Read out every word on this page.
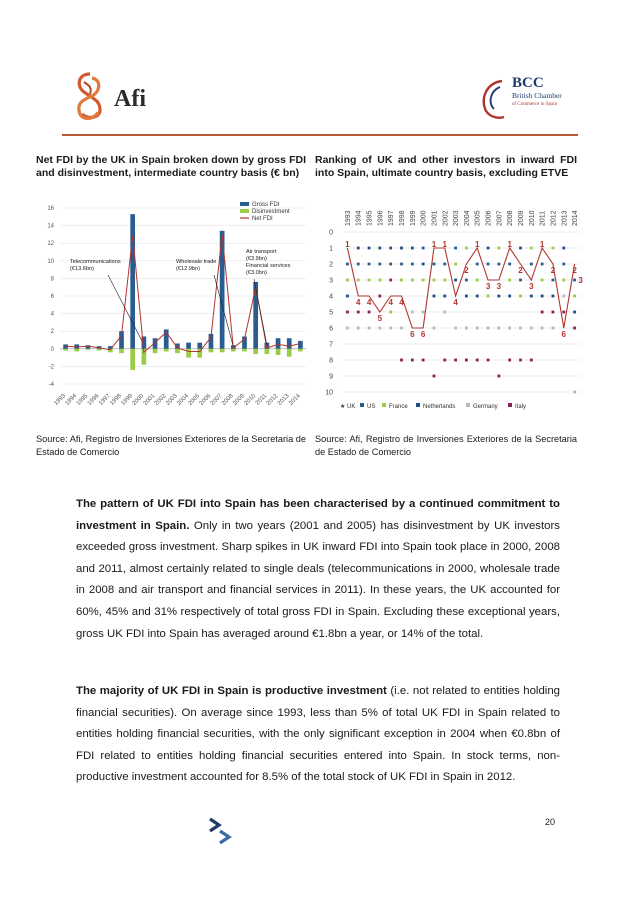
Afi
BCC
British Chamber
of Commerce in Spain
Net FDI by the UK in Spain broken down by gross FDI and disinvestment, intermediate country basis (€ bn)
Ranking of UK and other investors in inward FDI into Spain, ultimate country basis, excluding ETVE
16
14
12
10
8
6
4
2
0
-2
-4
1993
1994
1995
1996
1997
1998
1999
2000
2001
2002
2003
2004
2005
2006
2007
2008
2009
2010
2011
2012
2013
2014
Telecommunications
(€13.6bn)
Wholesale trade
(€12.9bn)
Air transport
(€3.9bn)
Financial services
(€3.0bn)
Gross FDI
Disinvestment
Net FDI	1993 1994 1995 1996 1997 1998 1999 2000 2001 2002 2003 2004 2005 2006 2007 2008 2009 2010 2011 2012 2013 2014
1
4 4
5
4 4
6 6
1 1
4
2
1
3 3
1
2
3
1
2
6
2
3
0
1
2
3
4
5
6
7
8
9
10
★ UK US France	Netherlands	Germany	Italy
Source: Afi, Registro de Inversiones Exteriores de la Secretaria de Estado de Comercio
Source: Afi, Registro de Inversiones Exteriores de la Secretaria de Estado de Comercio
The pattern of UK FDI into Spain has been characterised by a continued commitment to investment in Spain. Only in two years (2001 and 2005) has disinvestment by UK investors exceeded gross investment. Sharp spikes in UK inward FDI into Spain took place in 2000, 2008 and 2011, almost certainly related to single deals (telecommunications in 2000, wholesale trade in 2008 and air transport and financial services in 2011). In these years, the UK accounted for 60%, 45% and 31% respectively of total gross FDI in Spain. Excluding these exceptional years, gross UK FDI into Spain has averaged around €1.8bn a year, or 14% of the total.
The majority of UK FDI in Spain is productive investment (i.e. not related to entities holding financial securities). On average since 1993, less than 5% of total UK FDI in Spain related to entities holding financial securities, with the only significant exception in 2004 when €0.8bn of FDI related to entities holding financial securities entered into Spain. In stock terms, non-productive investment accounted for 8.5% of the total stock of UK FDI in Spain in 2012.
20
